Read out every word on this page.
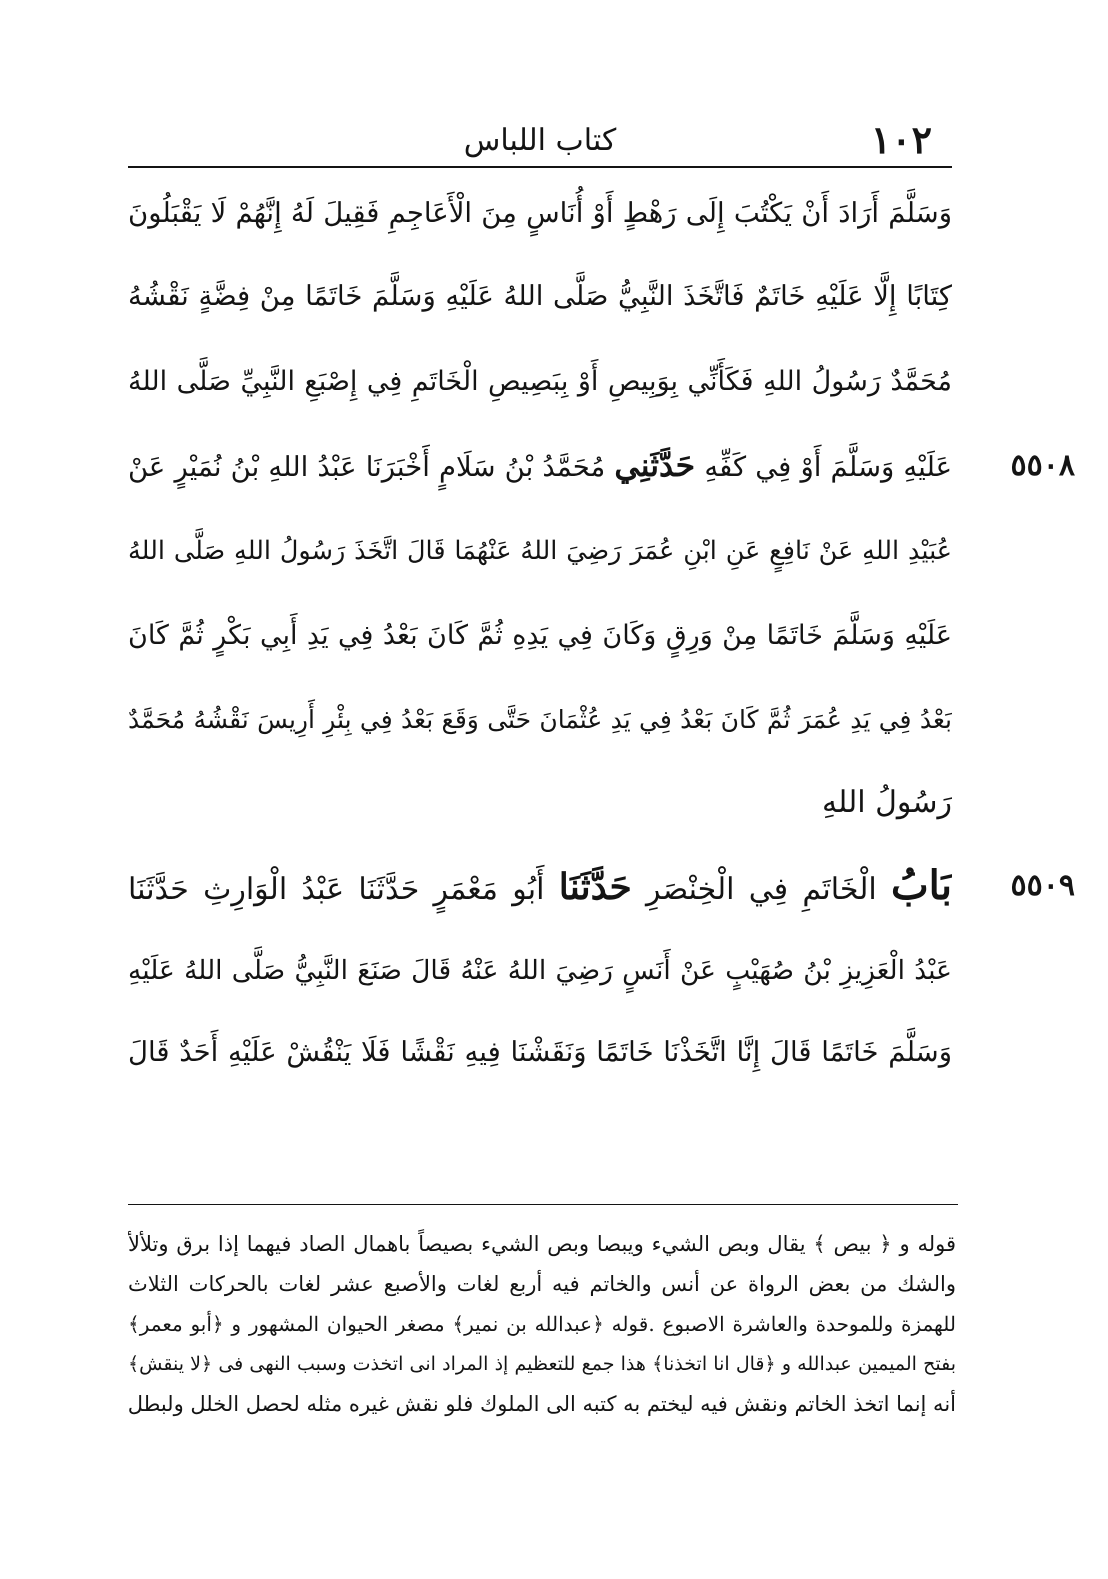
١٠٢
كتاب اللباس
وَسَلَّمَ أَرَادَ أَنْ يَكْتُبَ إِلَى رَهْطٍ أَوْ أُنَاسٍ مِنَ الْأَعَاجِمِ فَقِيلَ لَهُ إِنَّهُمْ لَا يَقْبَلُونَ
كِتَابًا إِلَّا عَلَيْهِ خَاتَمٌ فَاتَّخَذَ النَّبِيُّ صَلَّى اللهُ عَلَيْهِ وَسَلَّمَ خَاتَمًا مِنْ فِضَّةٍ نَقْشُهُ
مُحَمَّدٌ رَسُولُ اللهِ فَكَأَنِّي بِوَبِيصِ أَوْ بِبَصِيصِ الْخَاتَمِ فِي إِصْبَعِ النَّبِيِّ صَلَّى اللهُ
٥٥٠٨
عَلَيْهِ وَسَلَّمَ أَوْ فِي كَفِّهِ حَدَّثَنِي مُحَمَّدُ بْنُ سَلَامٍ أَخْبَرَنَا عَبْدُ اللهِ بْنُ نُمَيْرٍ عَنْ
عُبَيْدِ اللهِ عَنْ نَافِعٍ عَنِ ابْنِ عُمَرَ رَضِيَ اللهُ عَنْهُمَا قَالَ اتَّخَذَ رَسُولُ اللهِ صَلَّى اللهُ
عَلَيْهِ وَسَلَّمَ خَاتَمًا مِنْ وَرِقٍ وَكَانَ فِي يَدِهِ ثُمَّ كَانَ بَعْدُ فِي يَدِ أَبِي بَكْرٍ ثُمَّ كَانَ
بَعْدُ فِي يَدِ عُمَرَ ثُمَّ كَانَ بَعْدُ فِي يَدِ عُثْمَانَ حَتَّى وَقَعَ بَعْدُ فِي بِئْرِ أَرِيسَ نَقْشُهُ مُحَمَّدٌ
رَسُولُ اللهِ
٥٥٠٩
بَابُ الْخَاتَمِ فِي الْخِنْصَرِ حَدَّثَنَا أَبُو مَعْمَرٍ حَدَّثَنَا عَبْدُ الْوَارِثِ حَدَّثَنَا
عَبْدُ الْعَزِيزِ بْنُ صُهَيْبٍ عَنْ أَنَسٍ رَضِيَ اللهُ عَنْهُ قَالَ صَنَعَ النَّبِيُّ صَلَّى اللهُ عَلَيْهِ
وَسَلَّمَ خَاتَمًا قَالَ إِنَّا اتَّخَذْنَا خَاتَمًا وَنَقَشْنَا فِيهِ نَقْشًا فَلَا يَنْقُشْ عَلَيْهِ أَحَدٌ قَالَ
قوله و ﴿ بيص ﴾ يقال وبص الشيء ويبصا وبص الشيء بصيصاً باهمال الصاد فيهما إذا برق وتلألأ
والشك من بعض الرواة عن أنس والخاتم فيه أربع لغات والأصبع عشر لغات بالحركات الثلاث
للهمزة وللموحدة والعاشرة الاصبوع .قوله ﴿عبدالله بن نمير﴾ مصغر الحيوان المشهور و ﴿أبو معمر﴾
بفتح الميمين عبدالله و ﴿قال انا اتخذنا﴾ هذا جمع للتعظيم إذ المراد انى اتخذت وسبب النهى فى ﴿لا ينقش﴾
أنه إنما اتخذ الخاتم ونقش فيه ليختم به كتبه الى الملوك فلو نقش غيره مثله لحصل الخلل ولبطل
